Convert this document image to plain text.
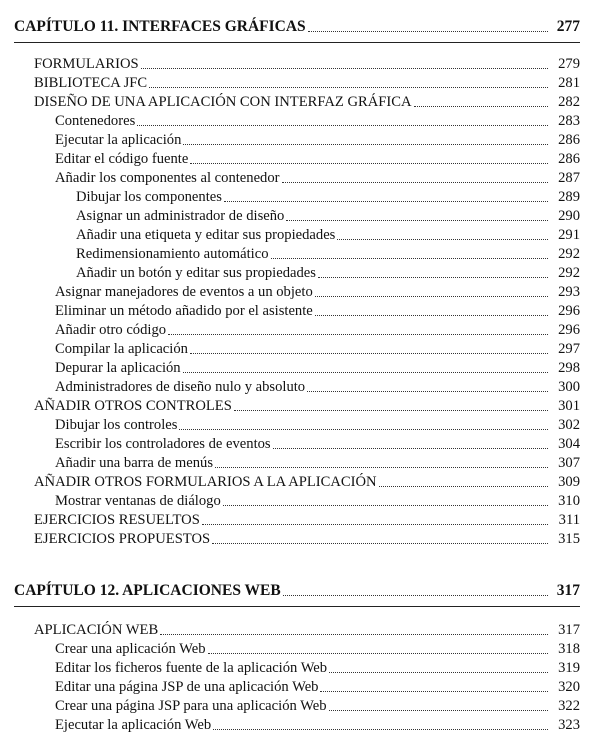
CAPÍTULO 11. INTERFACES GRÁFICAS	277
FORMULARIOS	279
BIBLIOTECA JFC	281
DISEÑO DE UNA APLICACIÓN CON INTERFAZ GRÁFICA	282
Contenedores	283
Ejecutar la aplicación	286
Editar el código fuente	286
Añadir los componentes al contenedor	287
Dibujar los componentes	289
Asignar un administrador de diseño	290
Añadir una etiqueta y editar sus propiedades	291
Redimensionamiento automático	292
Añadir un botón y editar sus propiedades	292
Asignar manejadores de eventos a un objeto	293
Eliminar un método añadido por el asistente	296
Añadir otro código	296
Compilar la aplicación	297
Depurar la aplicación	298
Administradores de diseño nulo y absoluto	300
AÑADIR OTROS CONTROLES	301
Dibujar los controles	302
Escribir los controladores de eventos	304
Añadir una barra de menús	307
AÑADIR OTROS FORMULARIOS A LA APLICACIÓN	309
Mostrar ventanas de diálogo	310
EJERCICIOS RESUELTOS	311
EJERCICIOS PROPUESTOS	315
CAPÍTULO 12. APLICACIONES WEB	317
APLICACIÓN WEB	317
Crear una aplicación Web	318
Editar los ficheros fuente de la aplicación Web	319
Editar una página JSP de una aplicación Web	320
Crear una página JSP para una aplicación Web	322
Ejecutar la aplicación Web	323
